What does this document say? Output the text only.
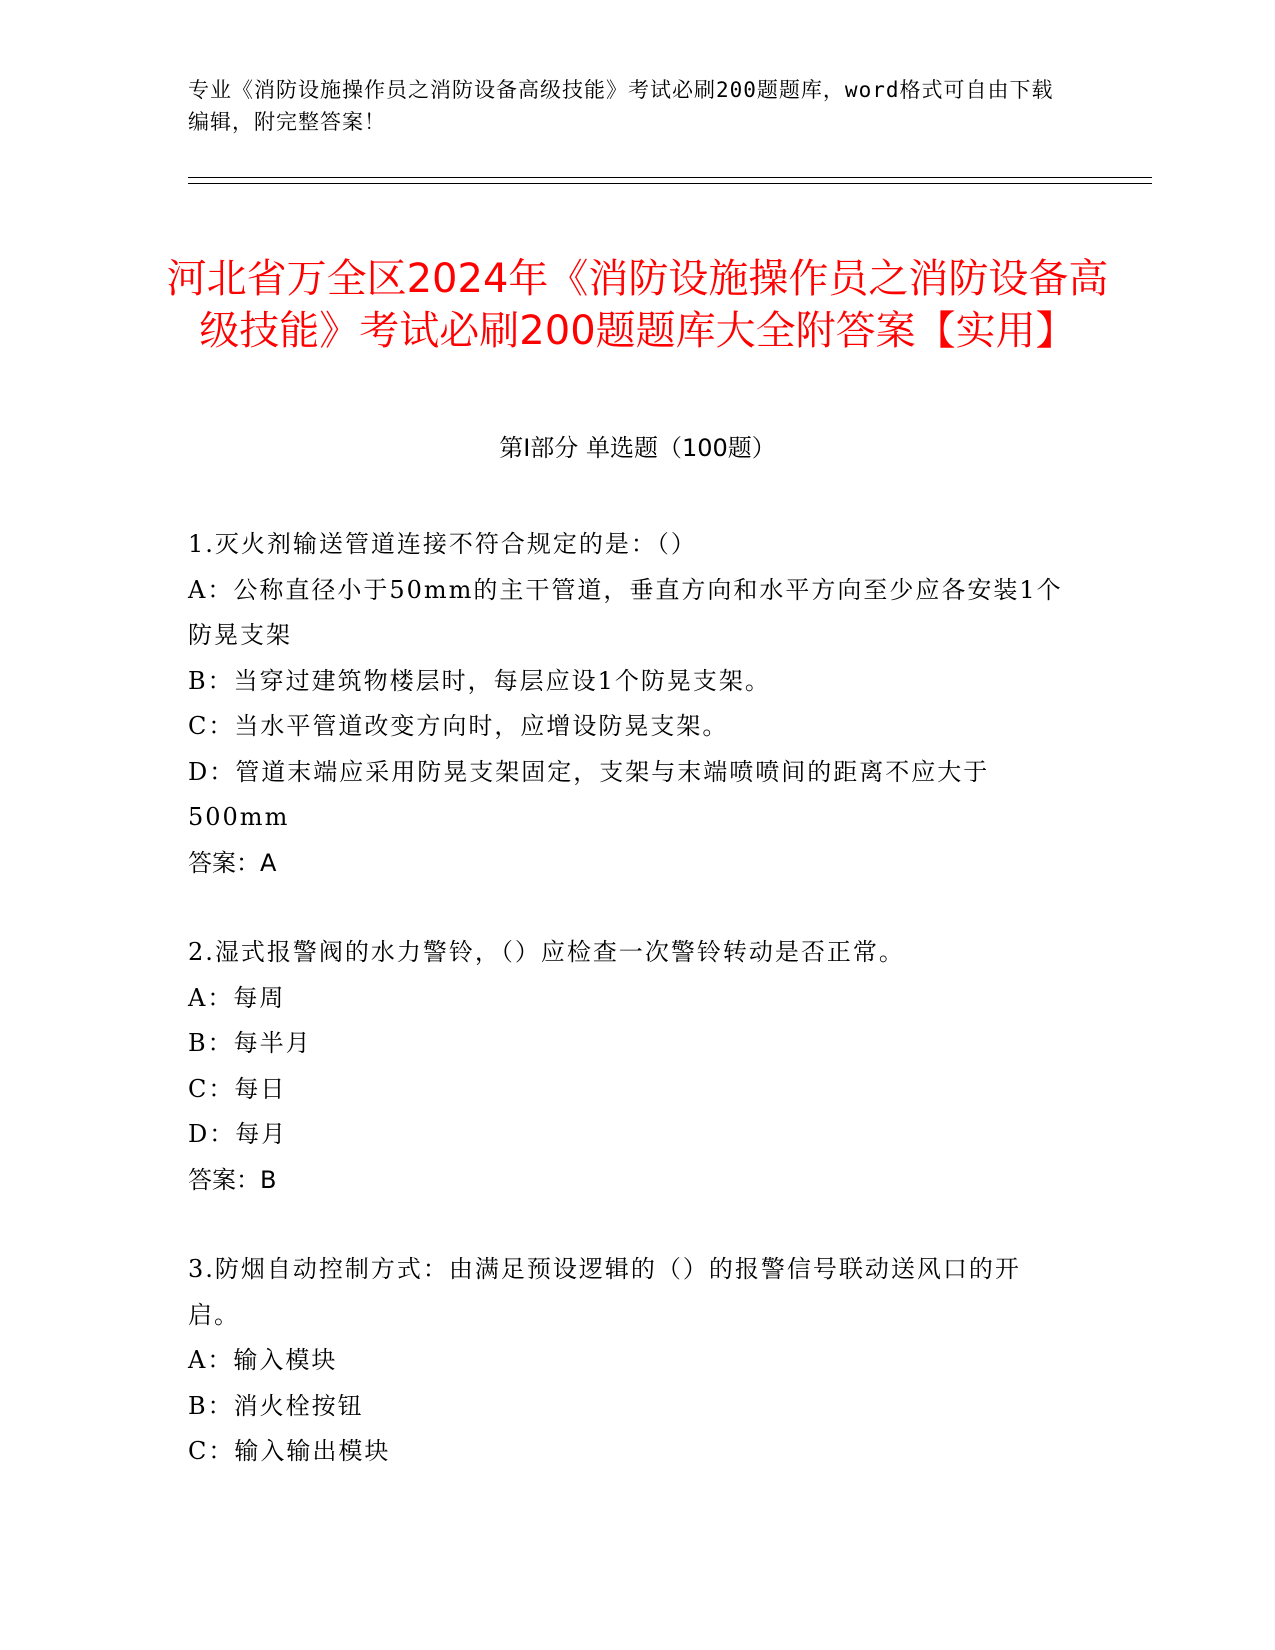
专业《消防设施操作员之消防设备高级技能》考试必刷200题题库，word格式可自由下载编辑，附完整答案！
河北省万全区2024年《消防设施操作员之消防设备高级技能》考试必刷200题题库大全附答案【实用】
第I部分 单选题（100题）
1.灭火剂输送管道连接不符合规定的是：（）
A：公称直径小于50mm的主干管道，垂直方向和水平方向至少应各安装1个防晃支架
B：当穿过建筑物楼层时，每层应设1个防晃支架。
C：当水平管道改变方向时，应增设防晃支架。
D：管道末端应采用防晃支架固定，支架与末端喷喷间的距离不应大于500mm
答案：A
2.湿式报警阀的水力警铃，（）应检查一次警铃转动是否正常。
A：每周
B：每半月
C：每日
D：每月
答案：B
3.防烟自动控制方式：由满足预设逻辑的（）的报警信号联动送风口的开启。
A：输入模块
B：消火栓按钮
C：输入输出模块
